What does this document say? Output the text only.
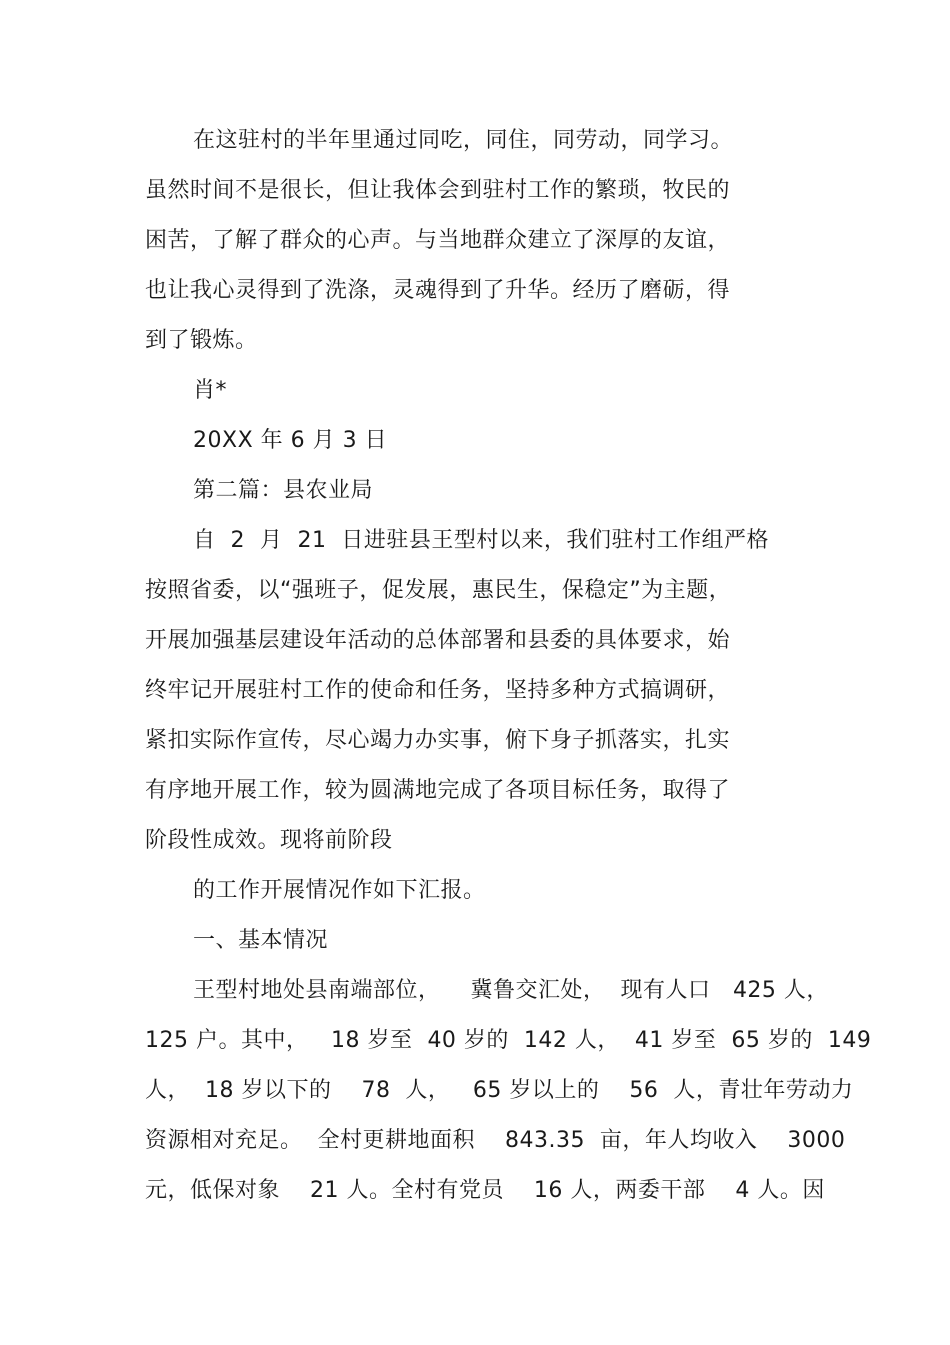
在这驻村的半年里通过同吃，同住，同劳动，同学习。
虽然时间不是很长，但让我体会到驻村工作的繁琐，牧民的
困苦，了解了群众的心声。与当地群众建立了深厚的友谊，
也让我心灵得到了洗涤，灵魂得到了升华。经历了磨砺，得
到了锻炼。
肖*
20XX 年 6 月 3 日
第二篇：县农业局
自  2  月  21  日进驻县王型村以来，我们驻村工作组严格
按照省委，以“强班子，促发展，惠民生，保稳定”为主题，
开展加强基层建设年活动的总体部署和县委的具体要求，始
终牢记开展驻村工作的使命和任务，坚持多种方式搞调研，
紧扣实际作宣传，尽心竭力办实事，俯下身子抓落实，扎实
有序地开展工作，较为圆满地完成了各项目标任务，取得了
阶段性成效。现将前阶段
的工作开展情况作如下汇报。
一、基本情况
王型村地处县南端部位，    冀鲁交汇处，  现有人口   425 人，
125 户。其中，   18 岁至  40 岁的  142 人，  41 岁至  65 岁的  149
人，  18 岁以下的    78  人，   65 岁以上的    56  人，青壮年劳动力
资源相对充足。  全村更耕地面积    843.35  亩，年人均收入    3000
元，低保对象    21 人。全村有党员    16 人，两委干部    4 人。因
